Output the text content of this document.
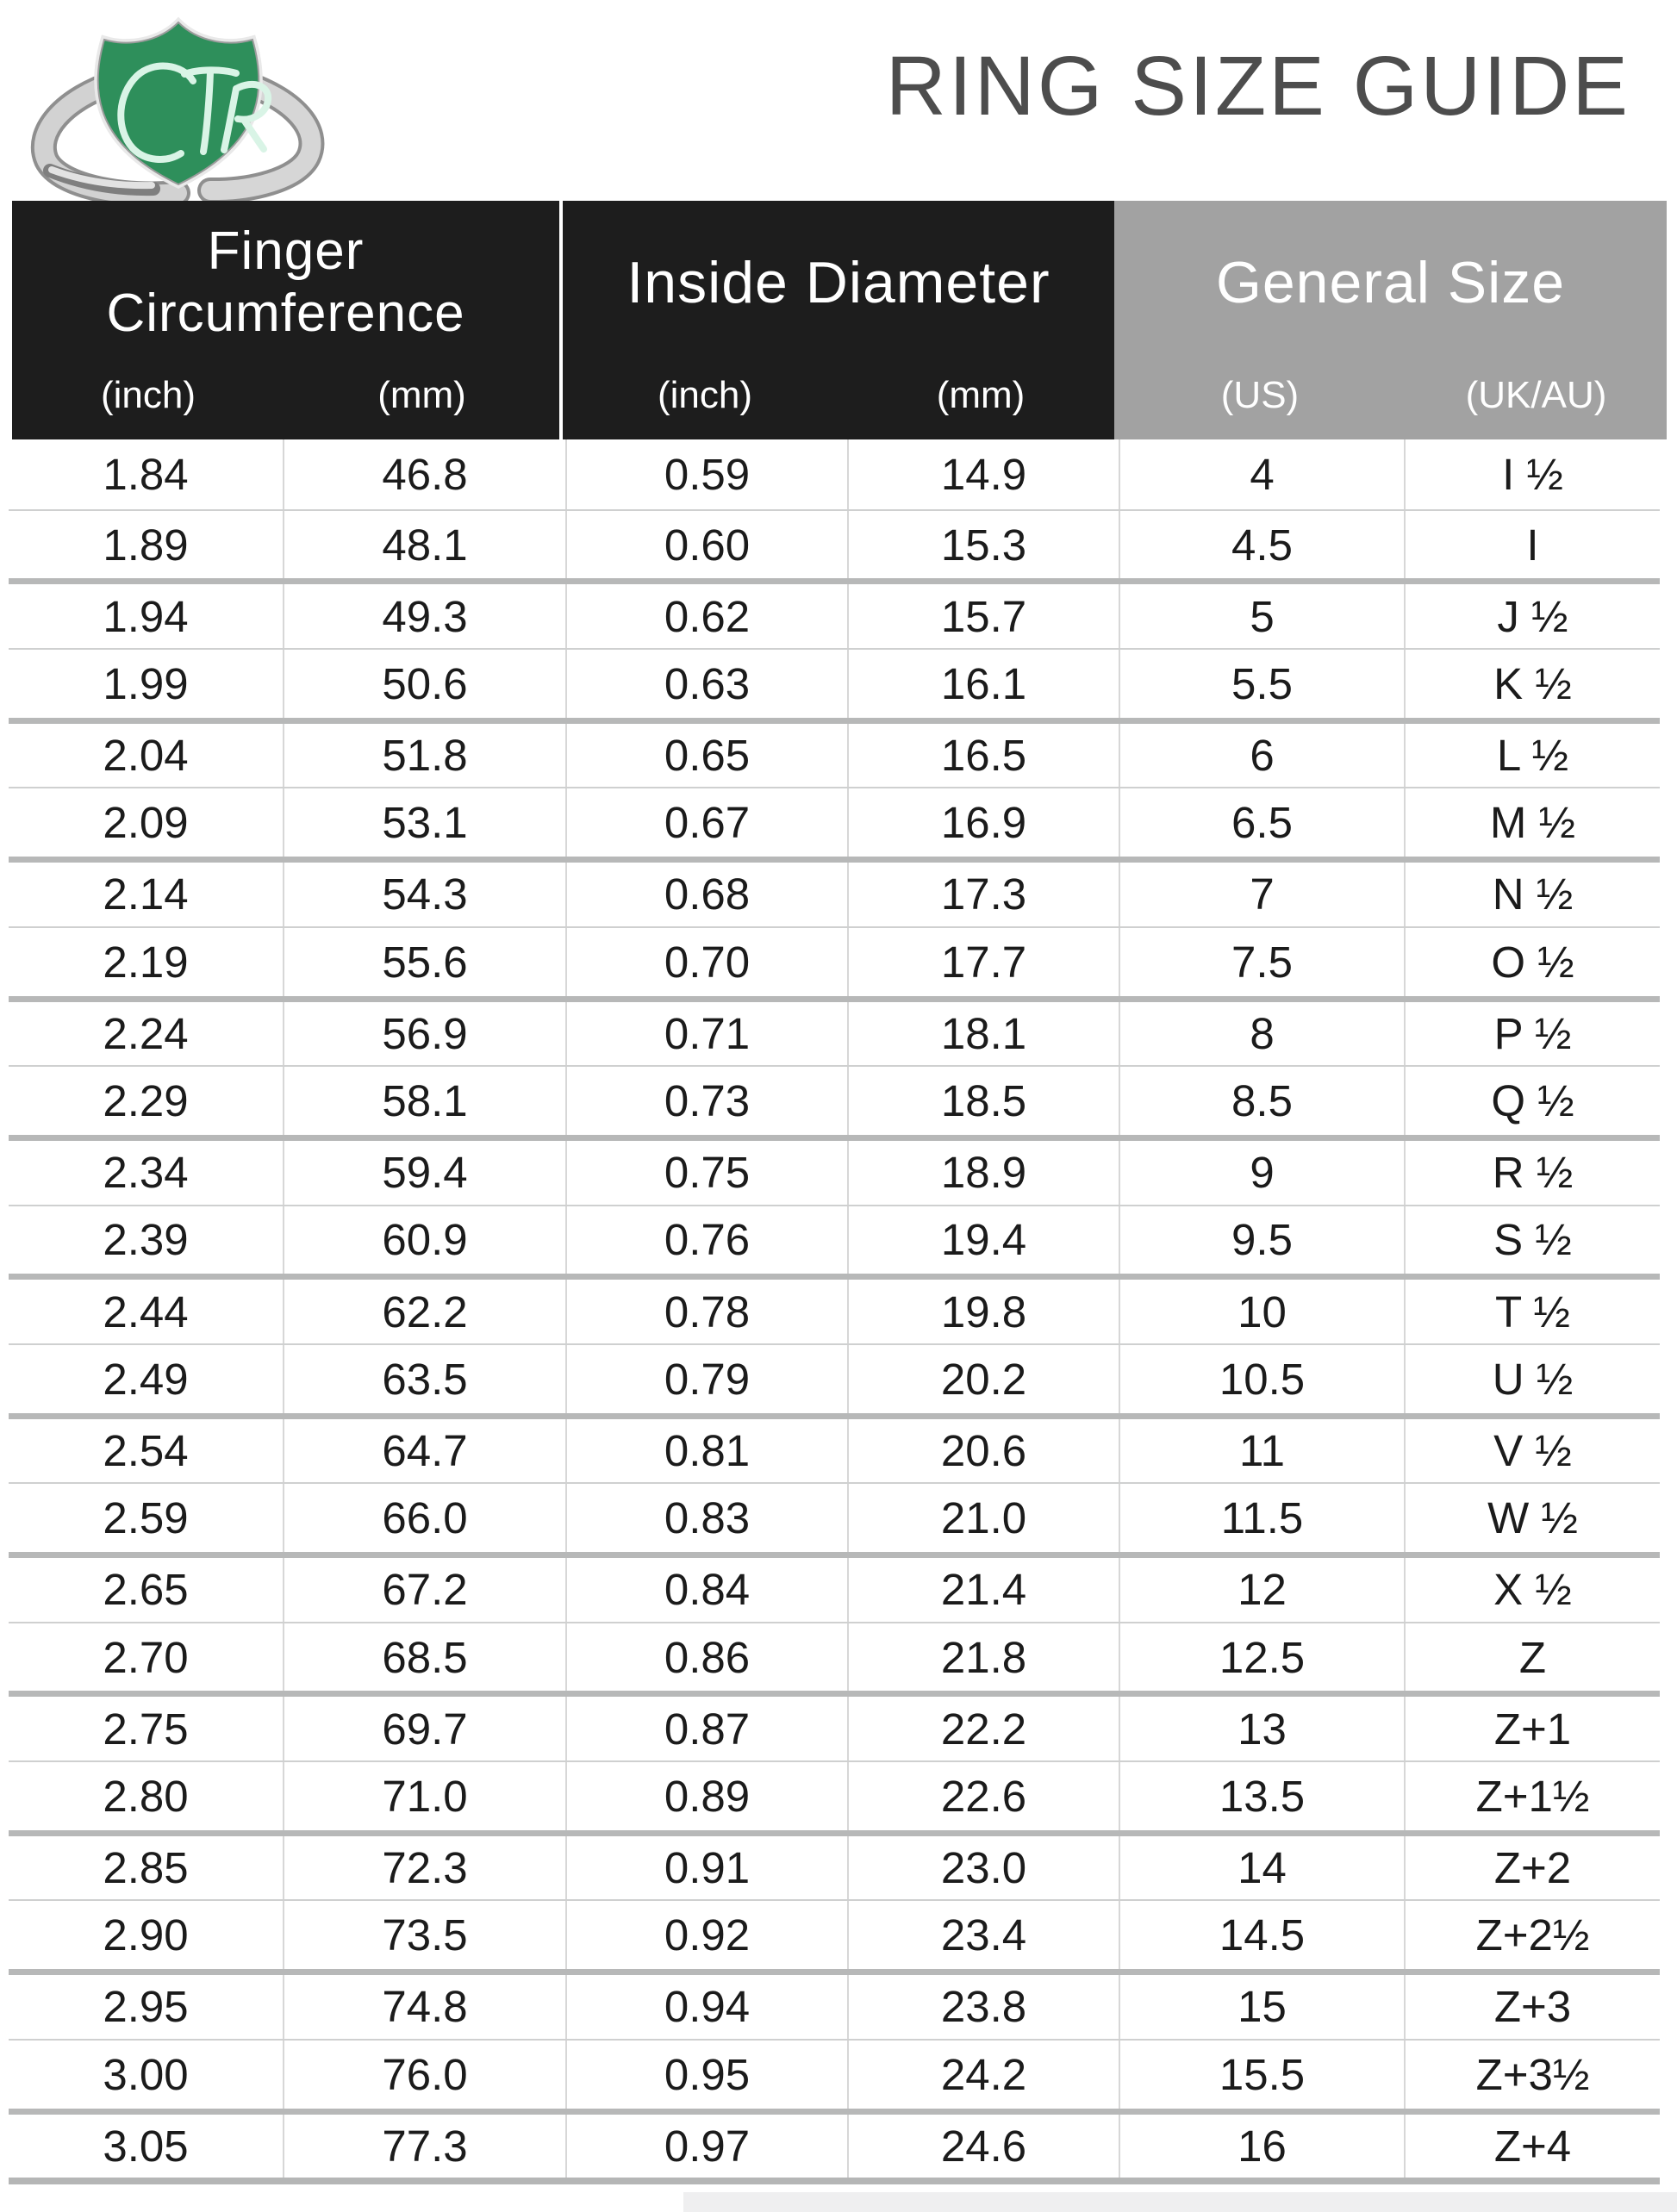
RING SIZE GUIDE
Finger
Circumference
(inch)	(mm)
Inside Diameter
(inch)	(mm)
General Size
(US)	(UK/AU)
1.84	46.8	0.59	14.9	4	I ½
1.89	48.1	0.60	15.3	4.5	I
1.94	49.3	0.62	15.7	5	J ½
1.99	50.6	0.63	16.1	5.5	K ½
2.04	51.8	0.65	16.5	6	L ½
2.09	53.1	0.67	16.9	6.5	M ½
2.14	54.3	0.68	17.3	7	N ½
2.19	55.6	0.70	17.7	7.5	O ½
2.24	56.9	0.71	18.1	8	P ½
2.29	58.1	0.73	18.5	8.5	Q ½
2.34	59.4	0.75	18.9	9	R ½
2.39	60.9	0.76	19.4	9.5	S ½
2.44	62.2	0.78	19.8	10	T ½
2.49	63.5	0.79	20.2	10.5	U ½
2.54	64.7	0.81	20.6	11	V ½
2.59	66.0	0.83	21.0	11.5	W ½
2.65	67.2	0.84	21.4	12	X ½
2.70	68.5	0.86	21.8	12.5	Z
2.75	69.7	0.87	22.2	13	Z+1
2.80	71.0	0.89	22.6	13.5	Z+1½
2.85	72.3	0.91	23.0	14	Z+2
2.90	73.5	0.92	23.4	14.5	Z+2½
2.95	74.8	0.94	23.8	15	Z+3
3.00	76.0	0.95	24.2	15.5	Z+3½
3.05	77.3	0.97	24.6	16	Z+4
